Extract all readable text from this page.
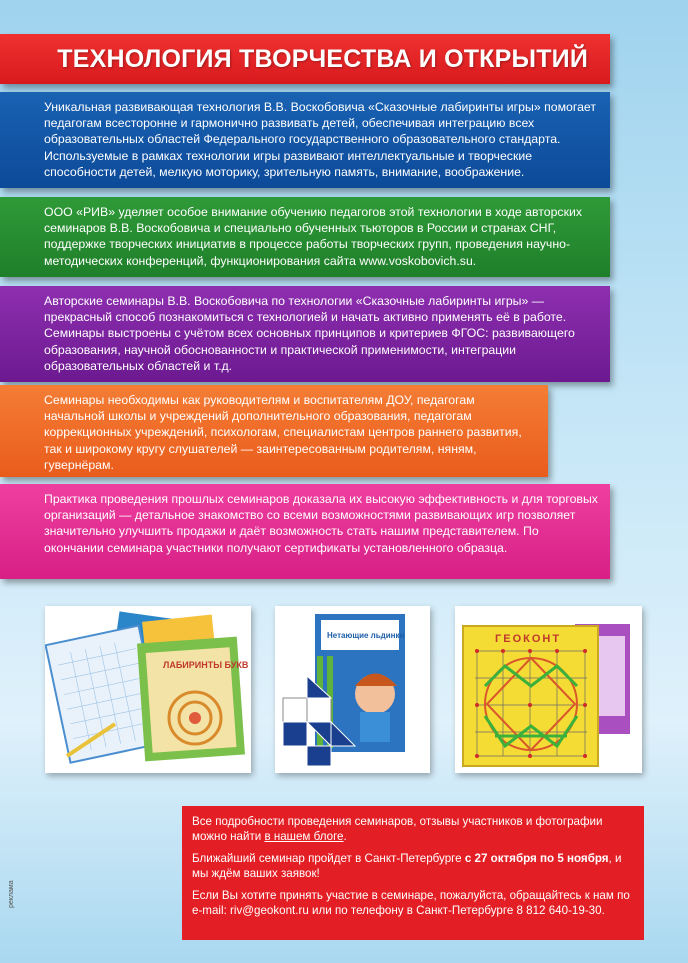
ТЕХНОЛОГИЯ ТВОРЧЕСТВА И ОТКРЫТИЙ
Уникальная развивающая технология В.В. Воскобовича «Сказочные лабиринты игры» помогает педагогам всесторонне и гармонично развивать детей, обеспечивая интеграцию всех образовательных областей Федерального государственного образовательного стандарта. Используемые в рамках технологии игры развивают интеллектуальные и творческие способности детей, мелкую моторику, зрительную память, внимание, воображение.
ООО «РИВ» уделяет особое внимание обучению педагогов этой технологии в ходе авторских семинаров В.В. Воскобовича и специально обученных тьюторов в России и странах СНГ, поддержке творческих инициатив в процессе работы творческих групп, проведения научно-методических конференций, функционирования сайта www.voskobovich.su.
Авторские семинары В.В. Воскобовича по технологии «Сказочные лабиринты игры» — прекрасный способ познакомиться с технологией и начать активно применять её в работе. Семинары выстроены с учётом всех основных принципов и критериев ФГОС: развивающего образования, научной обоснованности и практической применимости, интеграции образовательных областей и т.д.
Семинары необходимы как руководителям и воспитателям ДОУ, педагогам начальной школы и учреждений дополнительного образования, педагогам коррекционных учреждений, психологам, специалистам центров раннего развития, так и широкому кругу слушателей — заинтересованным родителям, няням, гувернёрам.
Практика проведения прошлых семинаров доказала их высокую эффективность и для торговых организаций — детальное знакомство со всеми возможностями развивающих игр позволяет значительно улучшить продажи и даёт возможность стать нашим представителем. По окончании семинара участники получают сертификаты установленного образца.
ЛАБИРИНТЫ БУКВ
Нетающие льдинки	ГЕОКОНТ

Все подробности проведения семинаров, отзывы участников и фотографии можно найти в нашем блоге.

Ближайший семинар пройдет в Санкт-Петербурге с 27 октября по 5 ноября, и мы ждём ваших заявок!

Если Вы хотите принять участие в семинаре, пожалуйста, обращайтесь к нам по e-mail: riv@geokont.ru или по телефону в Санкт-Петербурге 8 812 640-19-30.

реклама
